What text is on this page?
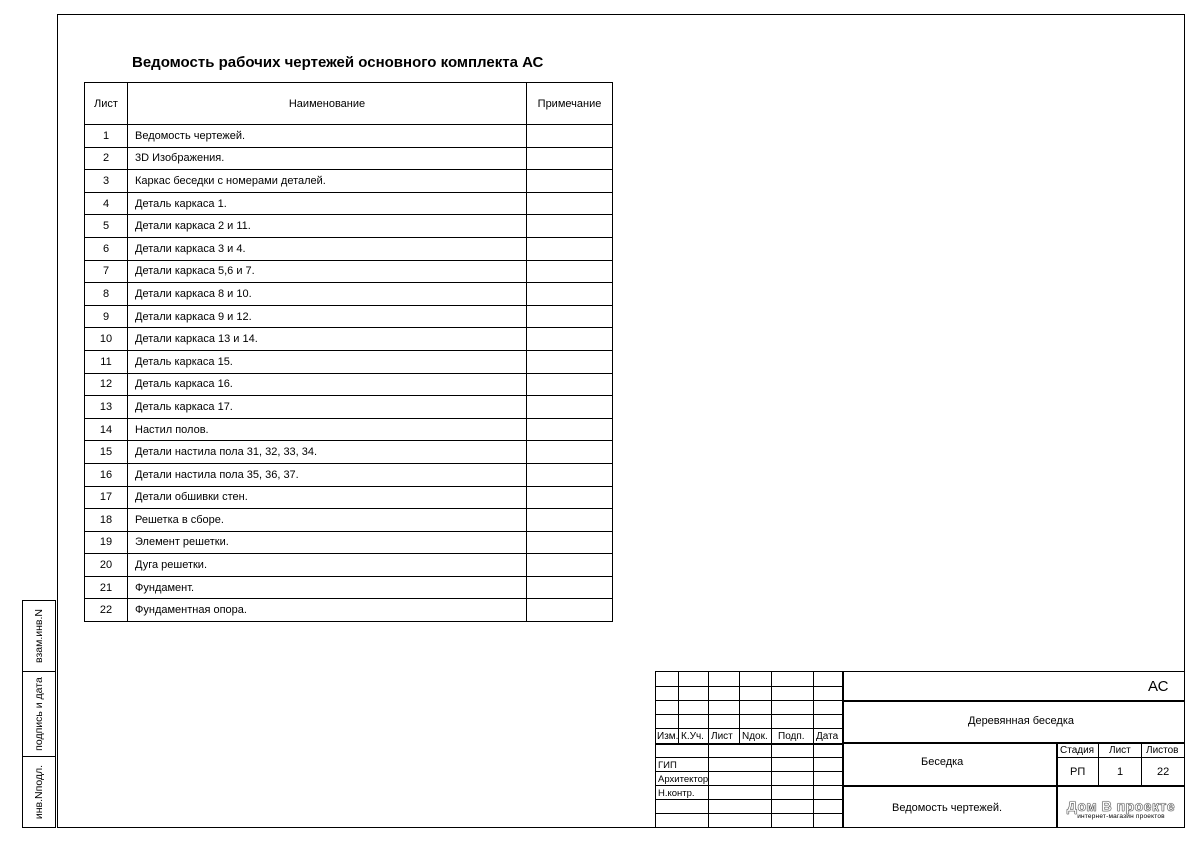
Ведомость рабочих чертежей основного комплекта АС
Лист	Наименование	Примечание
1	Ведомость чертежей.	
2	3D Изображения.	
3	Каркас беседки с номерами деталей.	
4	Деталь каркаса 1.	
5	Детали каркаса 2 и 11.	
6	Детали каркаса 3 и 4.	
7	Детали каркаса 5,6 и 7.	
8	Детали каркаса 8 и 10.	
9	Детали каркаса 9 и 12.	
10	Детали каркаса 13 и 14.	
11	Деталь каркаса 15.	
12	Деталь каркаса 16.	
13	Деталь каркаса 17.	
14	Настил полов.	
15	Детали настила пола 31, 32, 33, 34.	
16	Детали настила пола 35, 36, 37.	
17	Детали обшивки стен.	
18	Решетка в сборе.	
19	Элемент решетки.	
20	Дуга решетки.	
21	Фундамент.	
22	Фундаментная опора.	
взам.инв.N
подпись и дата
инв.Nподл.
Изм. К.Уч. Лист Nдок. Подп. Дата
ГИП
Архитектор
Н.контр.
АС
Деревянная беседка
Беседка
Ведомость чертежей.
Стадия Лист Листов
РП	1	22
Дом В проекте
интернет-магазин проектов
